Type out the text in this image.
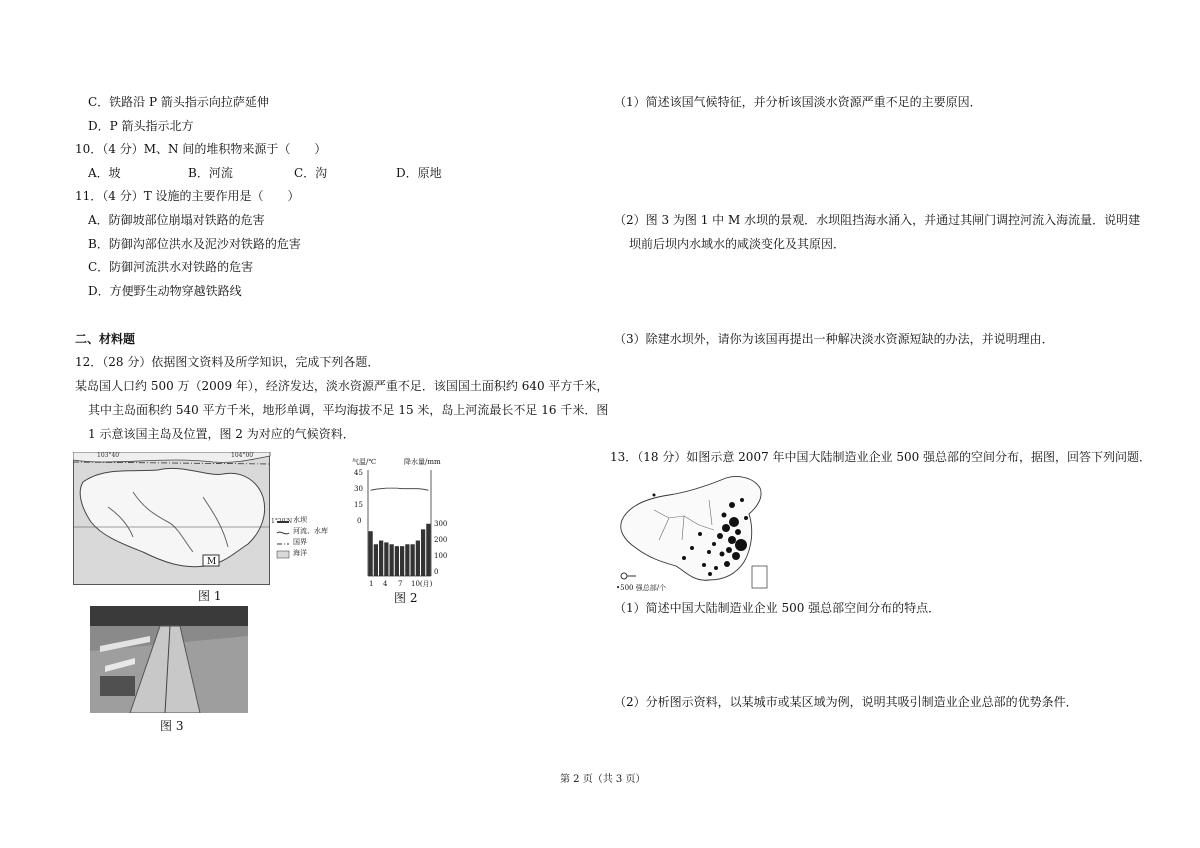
C．铁路沿 P 箭头指示向拉萨延伸
D．P 箭头指示北方
10．（4 分）M、N 间的堆积物来源于（　　）
A．坡	B．河流	C．沟	D．原地
11．（4 分）T 设施的主要作用是（　　）
A．防御坡部位崩塌对铁路的危害
B．防御沟部位洪水及泥沙对铁路的危害
C．防御河流洪水对铁路的危害
D．方便野生动物穿越铁路线
二、材料题
12．（28 分）依据图文资料及所学知识，完成下列各题．
某岛国人口约 500 万（2009 年），经济发达，淡水资源严重不足．该国国土面积约 640 平方千米，
其中主岛面积约 540 平方千米，地形单调，平均海拔不足 15 米，岛上河流最长不足 16 千米．图
1 示意该国主岛及位置，图 2 为对应的气候资料．
103°40′	104°00′
1°20′N
M
水坝
河流、水库
国界
海洋
图 1
气温/℃	降水量/mm
45
30
15
0	300
200
100
0
1 4 7 10(月)
图 2
图 3
（1）简述该国气候特征，并分析该国淡水资源严重不足的主要原因．
（2）图 3 为图 1 中 M 水坝的景观．水坝阻挡海水涌入，并通过其闸门调控河流入海流量．说明建
坝前后坝内水域水的咸淡变化及其原因．
（3）除建水坝外，请你为该国再提出一种解决淡水资源短缺的办法，并说明理由．
13．（18 分）如图示意 2007 年中国大陆制造业企业 500 强总部的空间分布，据图，回答下列问题．
•500 强总部/个
（1）简述中国大陆制造业企业 500 强总部空间分布的特点．
（2）分析图示资料，以某城市或某区域为例，说明其吸引制造业企业总部的优势条件．
第 2 页（共 3 页）
